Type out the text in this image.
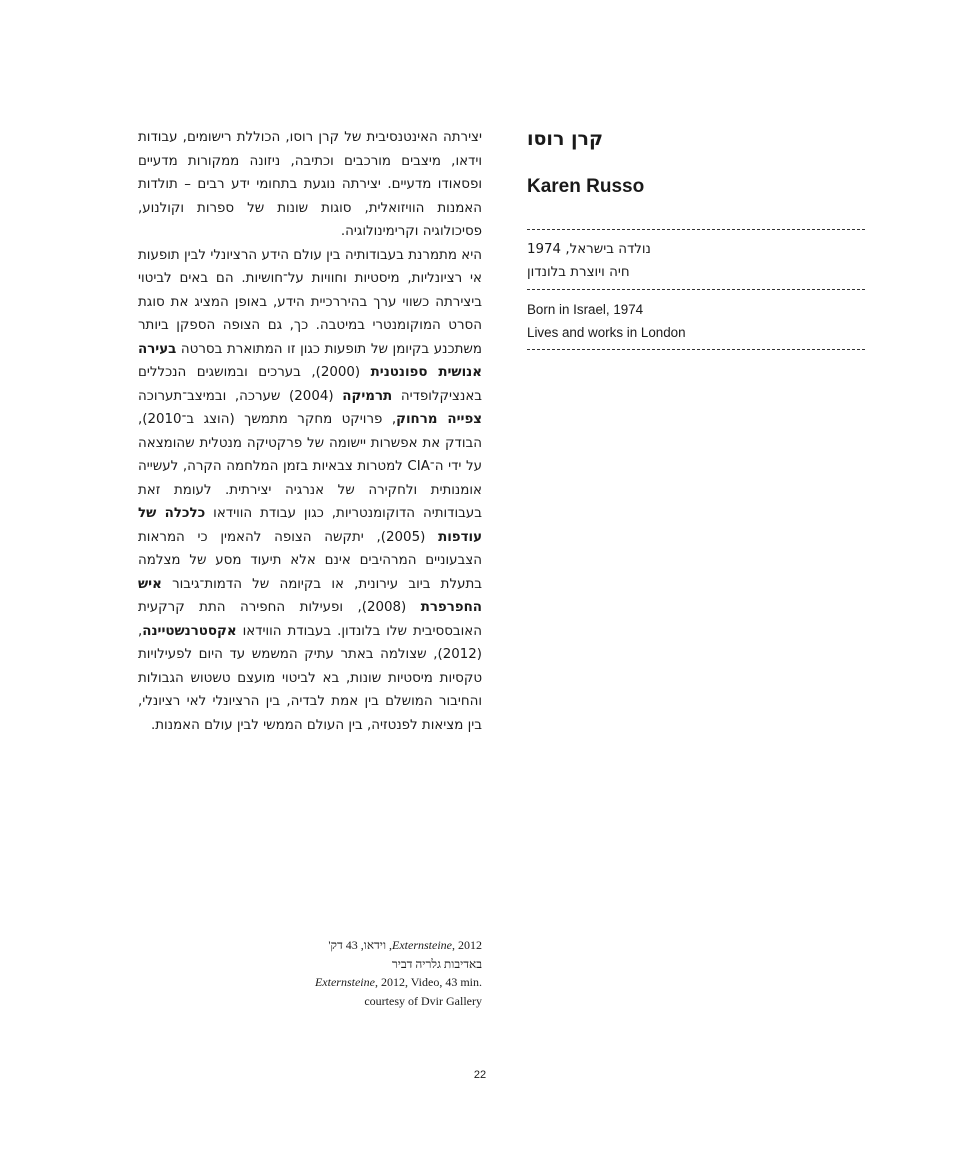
יצירתה האינטנסיבית של קרן רוסו, הכוללת רישומים, עבודות וידאו, מיצבים מורכבים וכתיבה, ניזונה ממקורות מדעיים ופסאודו מדעיים. יצירתה נוגעת בתחומי ידע רבים – תולדות האמנות הוויזואלית, סוגות שונות של ספרות וקולנוע, פסיכולוגיה וקרימינולוגיה.

היא מתמרנת בעבודותיה בין עולם הידע הרציונלי לבין תופעות אי רציונליות, מיסטיות וחוויות על־חושיות. הם באים לביטוי ביצירתה כשווי ערך בהיררכיית הידע, באופן המציג את סוגת הסרט המוקומנטרי במיטבה. כך, גם הצופה הספקן ביותר משתכנע בקיומן של תופעות כגון זו המתוארת בסרטה בעירה אנושית ספונטנית (2000), בערכים ובמושגים הנכללים באנציקלופדיה תרמיקה (2004) שערכה, ובמיצב־תערוכה צפייה מרחוק, פרויקט מחקר מתמשך (הוצג ב־2010), הבודק את אפשרות יישומה של פרקטיקה מנטלית שהומצאה על ידי ה־CIA למטרות צבאיות בזמן המלחמה הקרה, לעשייה אומנותית ולחקירה של אנרגיה יצירתית. לעומת זאת בעבודותיה הדוקומנטריות, כגון עבודת הווידאו כלכלה של עודפות (2005), יתקשה הצופה להאמין כי המראות הצבעוניים המרהיבים אינם אלא תיעוד מסע של מצלמה בתעלת ביוב עירונית, או בקיומה של הדמות־גיבור איש החפרפרת (2008), ופעילות החפירה התת קרקעית האובססיבית שלו בלונדון. בעבודת הווידאו אקסטרנשטיינה, (2012), שצולמה באתר עתיק המשמש עד היום לפעילויות טקסיות מיסטיות שונות, בא לביטוי מועצם טשטוש הגבולות והחיבור המושלם בין אמת לבדיה, בין הרציונלי לאי רציונלי, בין מציאות לפנטזיה, בין העולם הממשי לבין עולם האמנות.

קרן רוסו

Karen Russo

נולדה בישראל, 1974

חיה ויוצרת בלונדון

Born in Israel, 1974

Lives and works in London

Externsteine, 2012, וידאו, 43 דק'

באדיבות גלריה דביר

Externsteine, 2012, Video, 43 min.

courtesy of Dvir Gallery

22
